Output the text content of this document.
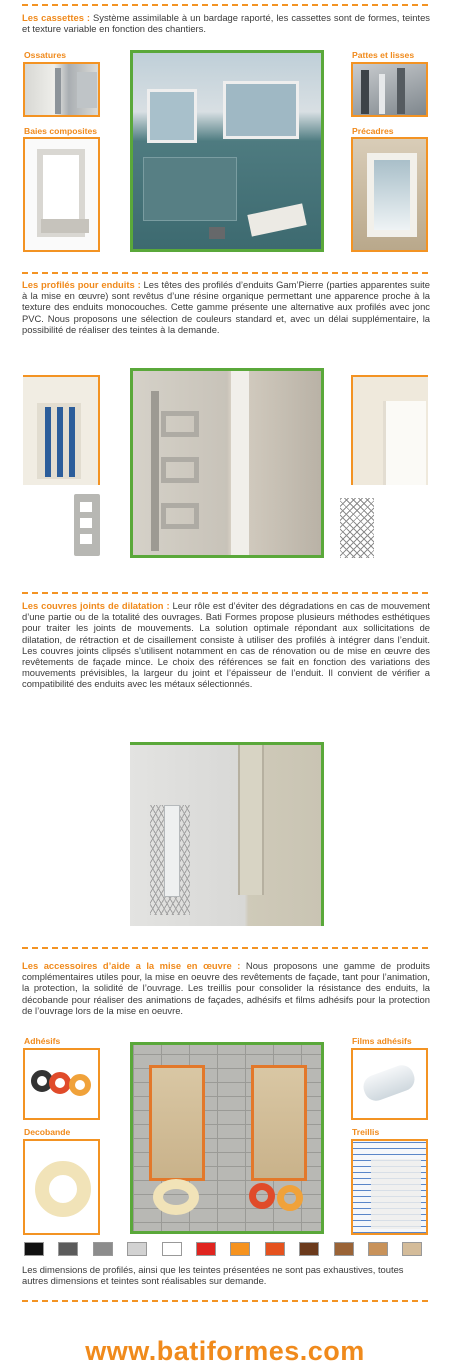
Les cassettes : Système assimilable à un bardage raporté, les cassettes sont de formes, teintes et texture variable en fonction des chantiers.
Ossatures	Pattes et lisses
Baies composites	Précadres
Les profilés pour enduits : Les têtes des profilés d’enduits Gam’Pierre (parties apparentes suite à la mise en œuvre) sont revêtus d’une résine organique permettant une apparence proche à la texture des enduits monocouches. Cette gamme présente une alternative aux profilés avec jonc PVC. Nous proposons une sélection de couleurs standard et, avec un délai supplémentaire, la possibilité de réaliser des teintes à la demande.
Les couvres joints de dilatation : Leur rôle est d’éviter des dégradations en cas de mouvement d’une partie ou de la totalité des ouvrages. Bati Formes propose plusieurs méthodes esthétiques pour traiter les joints de mouvements. La solution optimale répondant aux sollicitations de dilatation, de rétraction et de cisaillement consiste à utiliser des profilés à intégrer dans l’enduit. Les couvres joints clipsés s’utilisent notamment en cas de rénovation ou de mise en œuvre des revêtements de façade mince. Le choix des références se fait en fonction des variations des mouvements prévisibles, la largeur du joint et l’épaisseur de l’enduit. Il convient de vérifier a compatibilité des enduits avec les métaux sélectionnés.
Les accessoires d’aide a la mise en œuvre : Nous proposons une gamme de produits complémentaires utiles pour, la mise en oeuvre des revêtements de façade, tant pour l’animation, la protection, la solidité de l’ouvrage. Les treillis pour consolider la résistance des enduits, la décobande pour réaliser des animations de façades, adhésifs et films adhésifs pour la protection de l’ouvrage lors de la mise en oeuvre.
Adhésifs	Films adhésifs
Decobande	Treillis
Les dimensions de profilés, ainsi que les teintes présentées ne sont pas exhaustives, toutes autres dimensions et teintes sont réalisables sur demande.
www.batiformes.com
